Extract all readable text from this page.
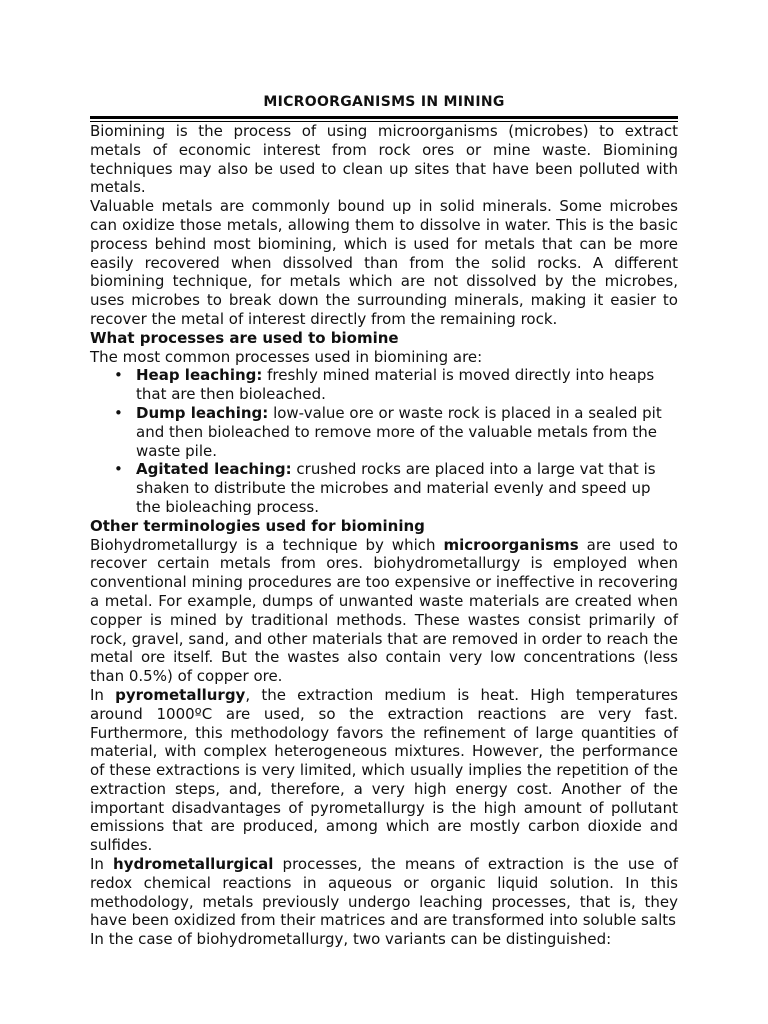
MICROORGANISMS IN MINING

Biomining is the process of using microorganisms (microbes) to extract metals of economic interest from rock ores or mine waste. Biomining techniques may also be used to clean up sites that have been polluted with metals.

Valuable metals are commonly bound up in solid minerals. Some microbes can oxidize those metals, allowing them to dissolve in water. This is the basic process behind most biomining, which is used for metals that can be more easily recovered when dissolved than from the solid rocks. A different biomining technique, for metals which are not dissolved by the microbes, uses microbes to break down the surrounding minerals, making it easier to recover the metal of interest directly from the remaining rock.

What processes are used to biomine

The most common processes used in biomining are:

• Heap leaching: freshly mined material is moved directly into heaps that are then bioleached.
• Dump leaching: low-value ore or waste rock is placed in a sealed pit and then bioleached to remove more of the valuable metals from the waste pile.
• Agitated leaching: crushed rocks are placed into a large vat that is shaken to distribute the microbes and material evenly and speed up the bioleaching process.
Other terminologies used for biomining

Biohydrometallurgy is a technique by which microorganisms are used to recover certain metals from ores. biohydrometallurgy is employed when conventional mining procedures are too expensive or ineffective in recovering a metal. For example, dumps of unwanted waste materials are created when copper is mined by traditional methods. These wastes consist primarily of rock, gravel, sand, and other materials that are removed in order to reach the metal ore itself. But the wastes also contain very low concentrations (less than 0.5%) of copper ore.

In pyrometallurgy, the extraction medium is heat. High temperatures around 1000ºC are used, so the extraction reactions are very fast. Furthermore, this methodology favors the refinement of large quantities of material, with complex heterogeneous mixtures. However, the performance of these extractions is very limited, which usually implies the repetition of the extraction steps, and, therefore, a very high energy cost. Another of the important disadvantages of pyrometallurgy is the high amount of pollutant emissions that are produced, among which are mostly carbon dioxide and sulfides.

In hydrometallurgical processes, the means of extraction is the use of redox chemical reactions in aqueous or organic liquid solution. In this methodology, metals previously undergo leaching processes, that is, they have been oxidized from their matrices and are transformed into soluble salts

In the case of biohydrometallurgy, two variants can be distinguished:
